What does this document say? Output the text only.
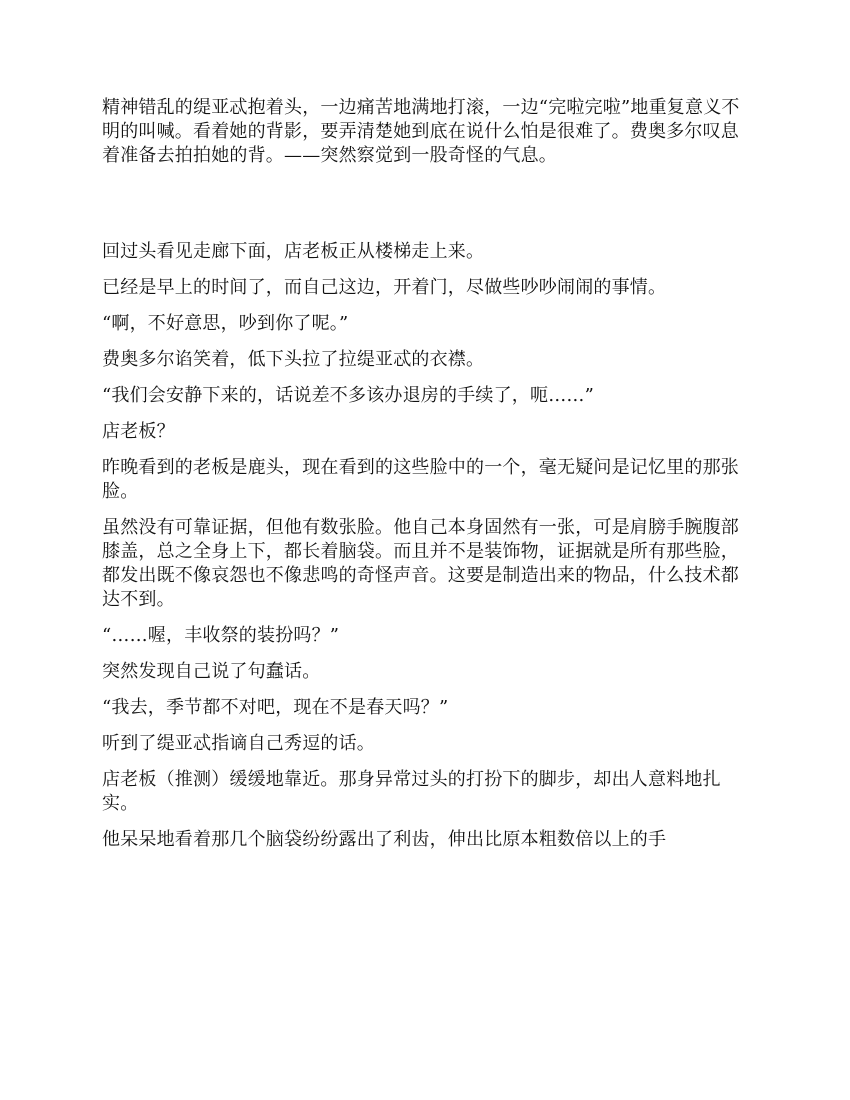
精神错乱的缇亚忒抱着头，一边痛苦地满地打滚，一边“完啦完啦”地重复意义不明的叫喊。看着她的背影，要弄清楚她到底在说什么怕是很难了。费奥多尔叹息着准备去拍拍她的背。——突然察觉到一股奇怪的气息。

回过头看见走廊下面，店老板正从楼梯走上来。

已经是早上的时间了，而自己这边，开着门，尽做些吵吵闹闹的事情。

“啊，不好意思，吵到你了呢。”

费奥多尔谄笑着，低下头拉了拉缇亚忒的衣襟。

“我们会安静下来的，话说差不多该办退房的手续了，呃……”

店老板？

昨晚看到的老板是鹿头，现在看到的这些脸中的一个，毫无疑问是记忆里的那张脸。

虽然没有可靠证据，但他有数张脸。他自己本身固然有一张，可是肩膀手腕腹部膝盖，总之全身上下，都长着脑袋。而且并不是装饰物，证据就是所有那些脸，都发出既不像哀怨也不像悲鸣的奇怪声音。这要是制造出来的物品，什么技术都达不到。

“……喔，丰收祭的装扮吗？”

突然发现自己说了句蠢话。

“我去，季节都不对吧，现在不是春天吗？”

听到了缇亚忒指谪自己秀逗的话。

店老板（推测）缓缓地靠近。那身异常过头的打扮下的脚步，却出人意料地扎实。

他呆呆地看着那几个脑袋纷纷露出了利齿，伸出比原本粗数倍以上的手
